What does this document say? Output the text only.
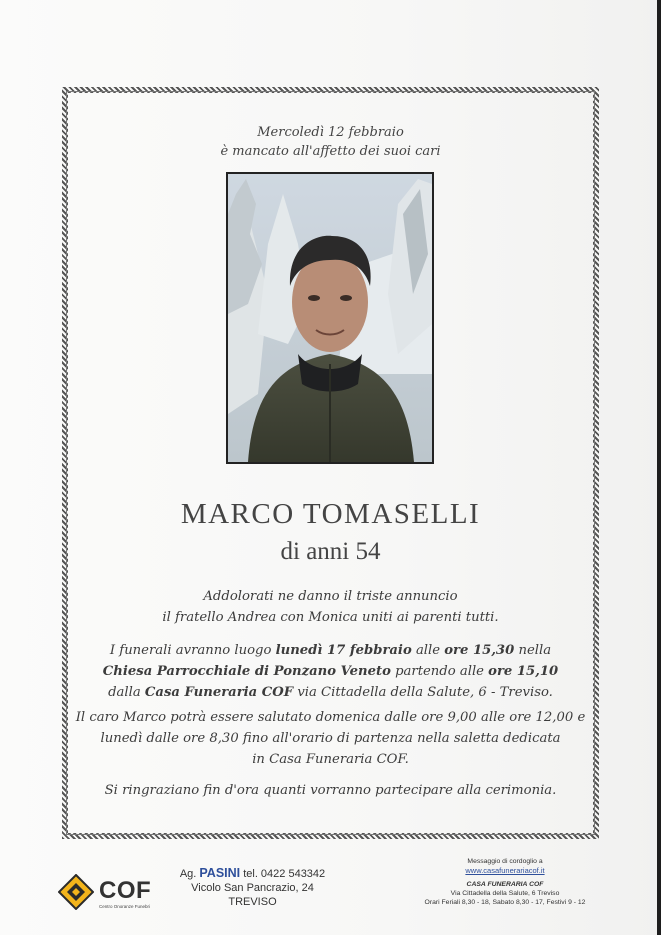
Mercoledì 12 febbraio
è mancato all'affetto dei suoi cari
MARCO TOMASELLI
di anni 54
Addolorati ne danno il triste annuncio
il fratello Andrea con Monica uniti ai parenti tutti.
I funerali avranno luogo lunedì 17 febbraio alle ore 15,30 nella
Chiesa Parrocchiale di Ponzano Veneto partendo alle ore 15,10
dalla Casa Funeraria COF via Cittadella della Salute, 6 - Treviso.
Il caro Marco potrà essere salutato domenica dalle ore 9,00 alle ore 12,00 e
lunedì dalle ore 8,30 fino all'orario di partenza nella saletta dedicata
in Casa Funeraria COF.
Si ringraziano fin d'ora quanti vorranno partecipare alla cerimonia.
COF
Centro Onoranze Funebri
Ag. PASINI tel. 0422 543342
Vicolo San Pancrazio, 24
TREVISO
Messaggio di cordoglio a
www.casafunerariacof.it
CASA FUNERARIA COF
Via Cittadella della Salute, 6 Treviso
Orari Feriali 8,30 - 18, Sabato 8,30 - 17, Festivi 9 - 12
